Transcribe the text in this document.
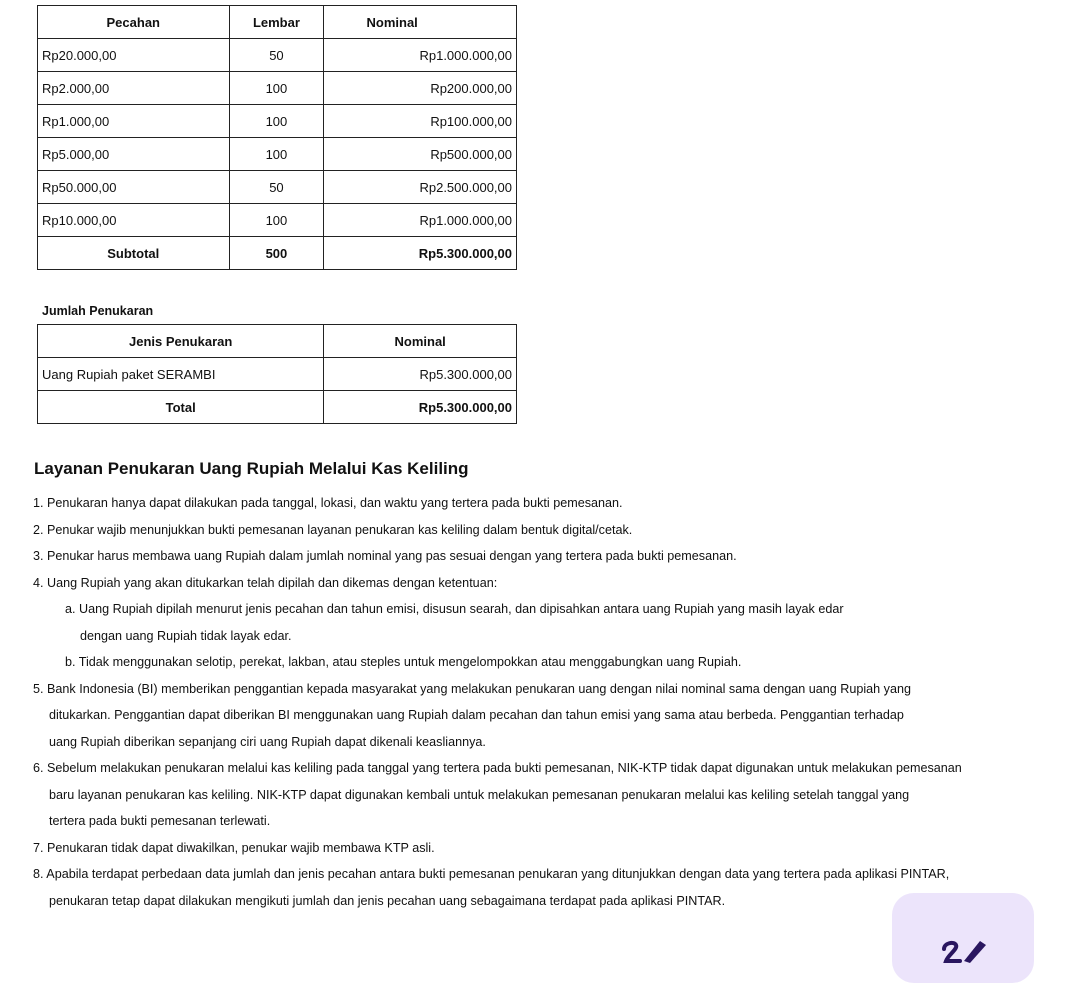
Pecahan	Lembar	Nominal
Rp20.000,00	50	Rp1.000.000,00
Rp2.000,00	100	Rp200.000,00
Rp1.000,00	100	Rp100.000,00
Rp5.000,00	100	Rp500.000,00
Rp50.000,00	50	Rp2.500.000,00
Rp10.000,00	100	Rp1.000.000,00
Subtotal	500	Rp5.300.000,00
Jumlah Penukaran
Jenis Penukaran	Nominal
Uang Rupiah paket SERAMBI	Rp5.300.000,00
Total	Rp5.300.000,00
Layanan Penukaran Uang Rupiah Melalui Kas Keliling

1. Penukaran hanya dapat dilakukan pada tanggal, lokasi, dan waktu yang tertera pada bukti pemesanan.

2. Penukar wajib menunjukkan bukti pemesanan layanan penukaran kas keliling dalam bentuk digital/cetak.

3. Penukar harus membawa uang Rupiah dalam jumlah nominal yang pas sesuai dengan yang tertera pada bukti pemesanan.

4. Uang Rupiah yang akan ditukarkan telah dipilah dan dikemas dengan ketentuan:

a. Uang Rupiah dipilah menurut jenis pecahan dan tahun emisi, disusun searah, dan dipisahkan antara uang Rupiah yang masih layak edar

dengan uang Rupiah tidak layak edar.

b. Tidak menggunakan selotip, perekat, lakban, atau steples untuk mengelompokkan atau menggabungkan uang Rupiah.

5. Bank Indonesia (BI) memberikan penggantian kepada masyarakat yang melakukan penukaran uang dengan nilai nominal sama dengan uang Rupiah yang

ditukarkan. Penggantian dapat diberikan BI menggunakan uang Rupiah dalam pecahan dan tahun emisi yang sama atau berbeda. Penggantian terhadap

uang Rupiah diberikan sepanjang ciri uang Rupiah dapat dikenali keasliannya.

6. Sebelum melakukan penukaran melalui kas keliling pada tanggal yang tertera pada bukti pemesanan, NIK-KTP tidak dapat digunakan untuk melakukan pemesanan

baru layanan penukaran kas keliling. NIK-KTP dapat digunakan kembali untuk melakukan pemesanan penukaran melalui kas keliling setelah tanggal yang

tertera pada bukti pemesanan terlewati.

7. Penukaran tidak dapat diwakilkan, penukar wajib membawa KTP asli.

8. Apabila terdapat perbedaan data jumlah dan jenis pecahan antara bukti pemesanan penukaran yang ditunjukkan dengan data yang tertera pada aplikasi PINTAR,

penukaran tetap dapat dilakukan mengikuti jumlah dan jenis pecahan uang sebagaimana terdapat pada aplikasi PINTAR.
